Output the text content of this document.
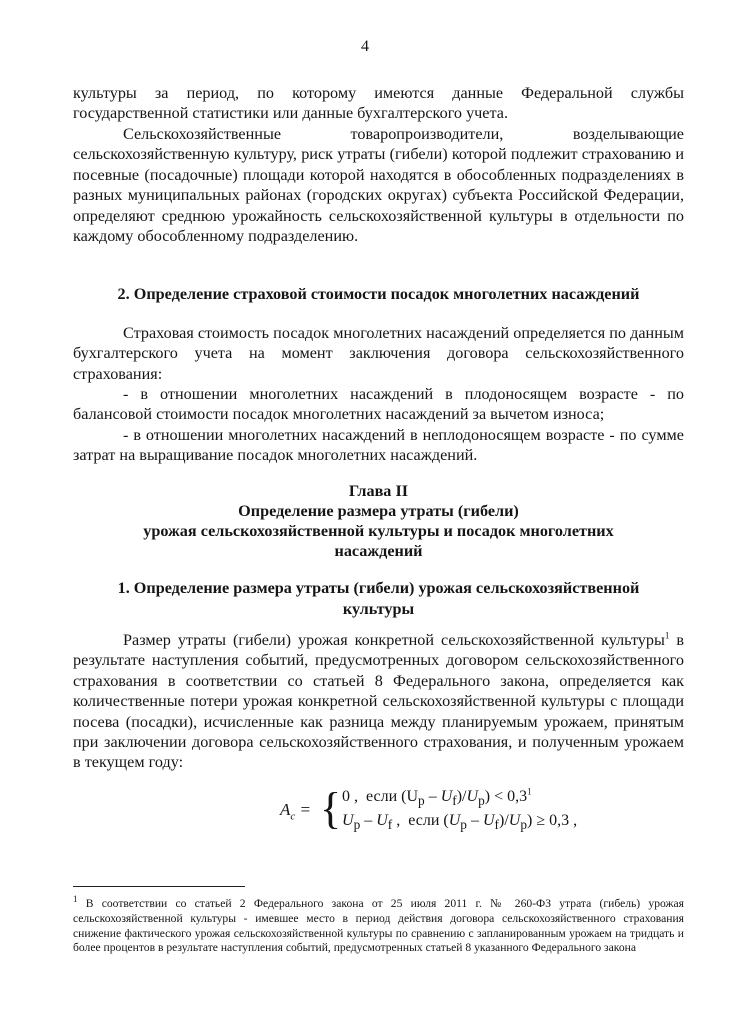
4
культуры за период, по которому имеются данные Федеральной службы государственной статистики или данные бухгалтерского учета.
Сельскохозяйственные товаропроизводители, возделывающие сельскохозяйственную культуру, риск утраты (гибели) которой подлежит страхованию и посевные (посадочные) площади которой находятся в обособленных подразделениях в разных муниципальных районах (городских округах) субъекта Российской Федерации, определяют среднюю урожайность сельскохозяйственной культуры в отдельности по каждому обособленному подразделению.
2. Определение страховой стоимости посадок многолетних насаждений
Страховая стоимость посадок многолетних насаждений определяется по данным бухгалтерского учета на момент заключения договора сельскохозяйственного страхования:
- в отношении многолетних насаждений в плодоносящем возрасте - по балансовой стоимости посадок многолетних насаждений за вычетом износа;
- в отношении многолетних насаждений в неплодоносящем возрасте - по сумме затрат на выращивание посадок многолетних насаждений.
Глава II
Определение размера утраты (гибели)
урожая сельскохозяйственной культуры и посадок многолетних
насаждений
1. Определение размера утраты (гибели) урожая сельскохозяйственной
культуры
Размер утраты (гибели) урожая конкретной сельскохозяйственной культуры$^1$ в результате наступления событий, предусмотренных договором сельскохозяйственного страхования в соответствии со статьей 8 Федерального закона, определяется как количественные потери урожая конкретной сельскохозяйственной культуры с площади посева (посадки), исчисленные как разница между планируемым урожаем, принятым при заключении договора сельскохозяйственного страхования, и полученным урожаем в текущем году:
$A_c$ = { 0 , если $(U_p - U_f)/U_p) < 0,3^1$
$U_p - U_f$ ,  если $(U_p - U_f)/U_p) \ge 0,3$ ,
$^1$ В соответствии со статьей 2 Федерального закона от 25 июля 2011 г. № 260-ФЗ утрата (гибель) урожая сельскохозяйственной культуры - имевшее место в период действия договора сельскохозяйственного страхования снижение фактического урожая сельскохозяйственной культуры по сравнению с запланированным урожаем на тридцать и более процентов в результате наступления событий, предусмотренных статьей 8 указанного Федерального закона
